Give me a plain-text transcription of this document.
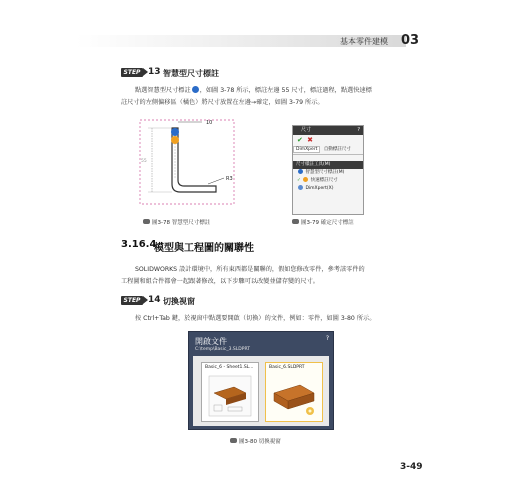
基本零件建模 03
STEP 13 智慧型尺寸標註
點選智慧型尺寸標註 ，如圖 3-78 所示，標註左邊 55 尺寸，標註過程，點選快速標
註尺寸的左側偏移區（橘色）將尺寸放置在左邊→確定，如圖 3-79 所示。
R3
10
55
圖3-78 智慧型尺寸標註
尺寸	?
✔ ✖
DimXpert 自動標註尺寸
尺寸樣註工具(M)
智慧型尺寸標註(M)
✓ 快速標註尺寸
DimXpert(X)
圖3-79 確定尺寸標註
3.16.4
模型與工程圖的關聯性
SOLIDWORKS 設計環境中，所有東西都是關聯的，假如您修改零件，參考該零件的
工程圖和組合件都會一起跟著修改，以下步驟可以改變並儲存變的尺寸。
STEP 14 切換視窗
按 Ctrl+Tab 鍵，於視窗中點選要開啟（切換）的文件，例如：零件，如圖 3-80 所示。
開啟文件	?
C:\temp\Basic_3.SLDPRT
Basic_6 - Sheet1.SL...	Basic_6.SLDPRT
圖3-80 切換視窗
3-49
